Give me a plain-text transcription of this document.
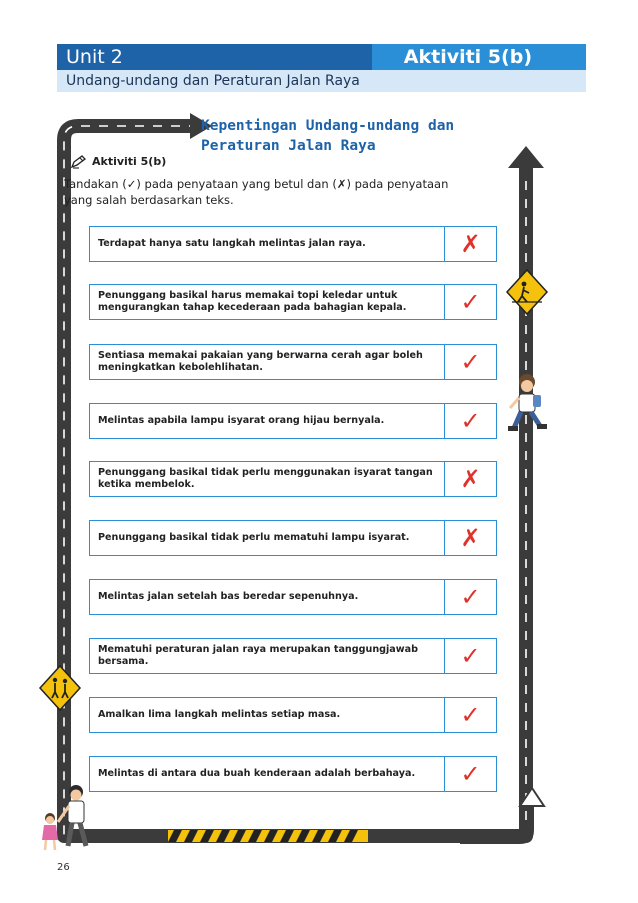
Unit 2	Aktiviti 5(b)
Undang-undang dan Peraturan Jalan Raya
Kepentingan Undang-undang dan
Peraturan Jalan Raya
Aktiviti 5(b)
Tandakan (✓) pada penyataan yang betul dan (✗) pada penyataan
yang salah berdasarkan teks.
Terdapat hanya satu langkah melintas jalan raya.	✗
Penunggang basikal harus memakai topi keledar untuk
mengurangkan tahap kecederaan pada bahagian kepala.	✓
Sentiasa memakai pakaian yang berwarna cerah agar boleh
meningkatkan kebolehlihatan.	✓
Melintas apabila lampu isyarat orang hijau bernyala.	✓
Penunggang basikal tidak perlu menggunakan isyarat tangan
ketika membelok.	✗
Penunggang basikal tidak perlu mematuhi lampu isyarat.	✗
Melintas jalan setelah bas beredar sepenuhnya.	✓
Mematuhi peraturan jalan raya merupakan tanggungjawab
bersama.	✓
Amalkan lima langkah melintas setiap masa.	✓
Melintas di antara dua buah kenderaan adalah berbahaya.	✓
26
